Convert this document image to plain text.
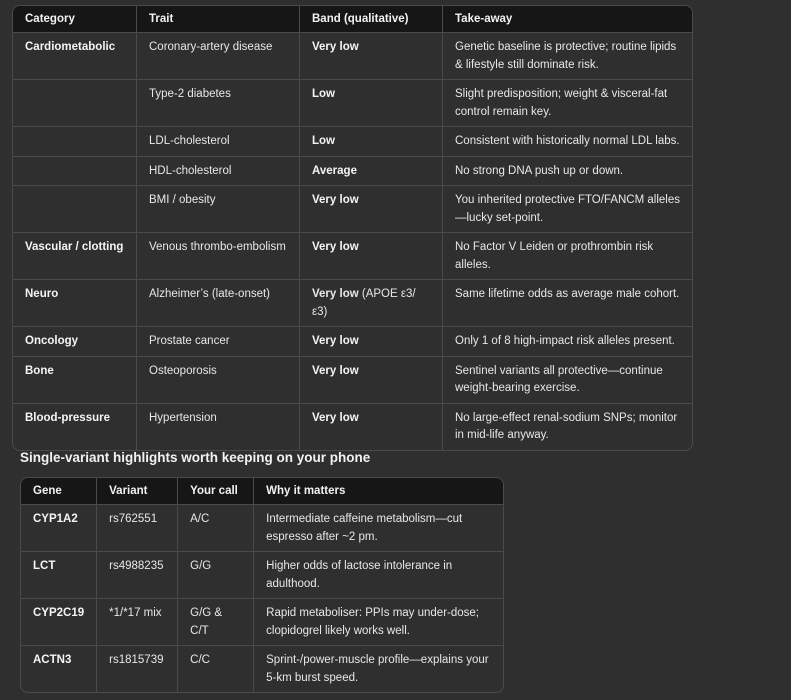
Category	Trait	Band (qualitative)	Take-away
Cardiometabolic	Coronary-artery disease	Very low	Genetic baseline is protective; routine lipids & lifestyle still dominate risk.
	Type-2 diabetes	Low	Slight predisposition; weight & visceral-fat control remain key.
	LDL-cholesterol	Low	Consistent with historically normal LDL labs.
	HDL-cholesterol	Average	No strong DNA push up or down.
	BMI / obesity	Very low	You inherited protective FTO/FANCM alleles—lucky set-point.
Vascular / clotting	Venous thrombo-embolism	Very low	No Factor V Leiden or prothrombin risk alleles.
Neuro	Alzheimer’s (late-onset)	Very low (APOE ε3/ε3)	Same lifetime odds as average male cohort.
Oncology	Prostate cancer	Very low	Only 1 of 8 high-impact risk alleles present.
Bone	Osteoporosis	Very low	Sentinel variants all protective—continue weight-bearing exercise.
Blood-pressure	Hypertension	Very low	No large-effect renal-sodium SNPs; monitor in mid-life anyway.
Single-variant highlights worth keeping on your phone
Gene	Variant	Your call	Why it matters
CYP1A2	rs762551	A/C	Intermediate caffeine metabolism—cut espresso after ~2 pm.
LCT	rs4988235	G/G	Higher odds of lactose intolerance in adulthood.
CYP2C19	*1/*17 mix	G/G & C/T	Rapid metaboliser: PPIs may under-dose; clopidogrel likely works well.
ACTN3	rs1815739	C/C	Sprint-/power-muscle profile—explains your 5-km burst speed.
